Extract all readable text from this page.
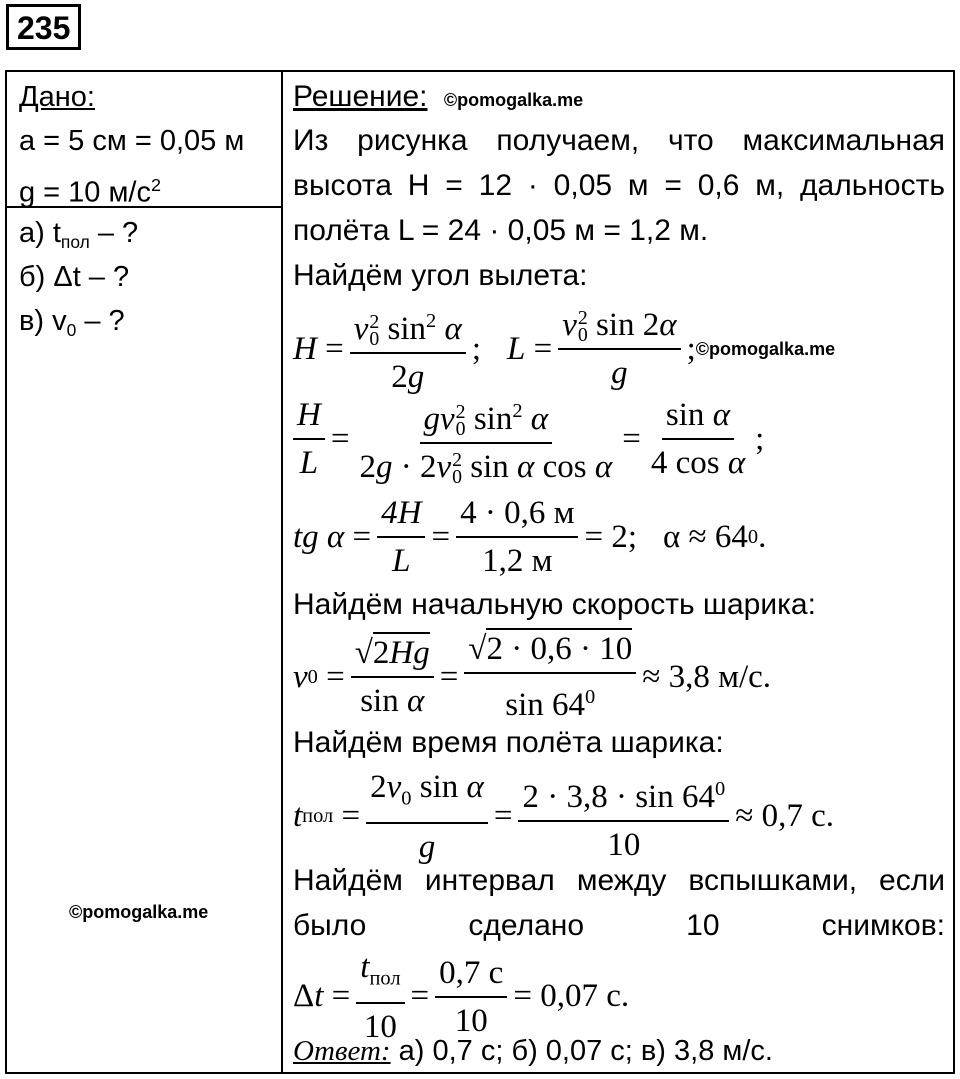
235
Дано:
a = 5 см = 0,05 м
g = 10 $м/с^2$
а) $t_{пол}$ – ?
б) Δt – ?
в) $v_0$ – ?
©pomogalka.me
Решение: ©pomogalka.me
Из рисунка получаем, что максимальная высота H = 12 · 0,05 м = 0,6 м, дальность полёта L = 24 · 0,05 м = 1,2 м.
Найдём угол вылета:
H = v 2
0 $\sin^2 \alpha$
2g ; L = v 2
0 sin 2α
g ; ©pomogalka.me
$\frac{H}{L}$ = gv 2
0 $\sin^2 \alpha$
2g · 2v 2
0 sin α $\cos \alpha = \frac{\text{sin α}}{\text{4 cos α}}$ ;
tg $\alpha = \frac{4H}{L} = \frac{4 \cdot 0,6 м}{1,2 м} = 2$; α ≈ 64 0 .
Найдём начальную скорость шарика:
v $0 = \frac{√2Hg}{\text{sin α}} = \frac{√2 \cdot 0,6 \cdot 10}{\sin 64^0} \approx 3,8$ м/с.
Найдём время полёта шарика:
t пол = $\frac{2v_0 \sin \alpha}{g} = \frac{2 \cdot 3,8 \cdot \sin 64^0}{10} \approx 0,7$ с.
Найдём интервал между вспышками, если было сделано 10 снимков:
Δ $t = \frac{t_{пол}}{10} = \frac{0,7 с}{10} = 0,07$ с.
Ответ: а) 0,7 с; б) 0,07 с; в) 3,8 м/с.
